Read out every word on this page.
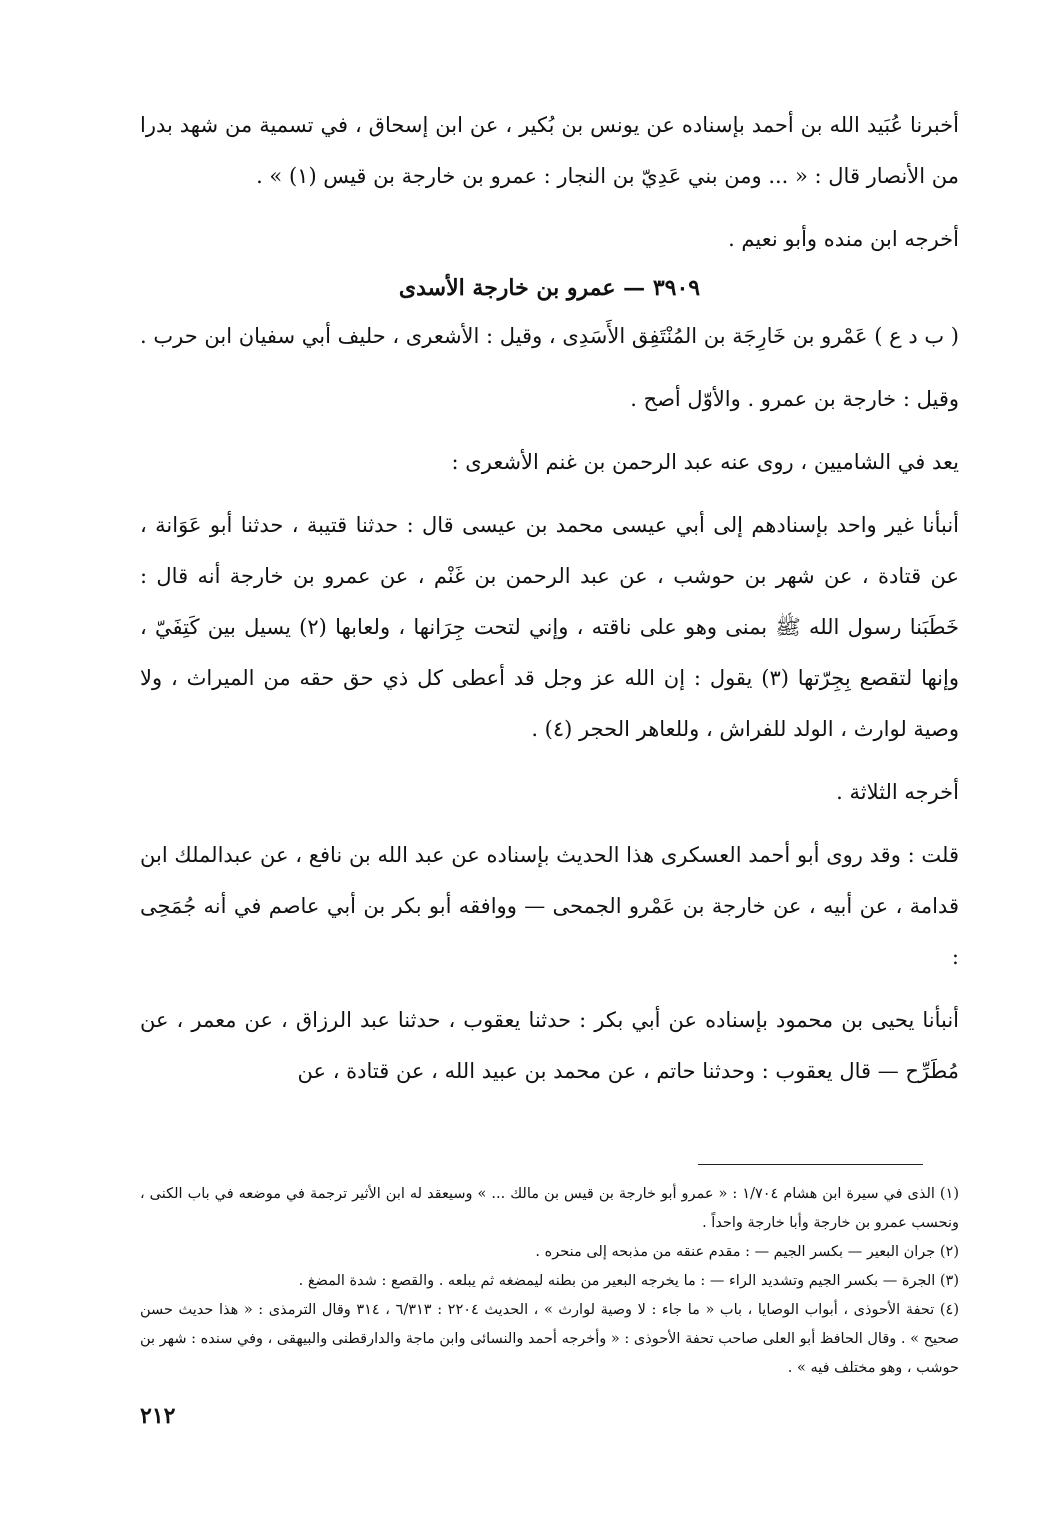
أخبرنا عُبَيد الله بن أحمد بإسناده عن يونس بن بُكير ، عن ابن إسحاق ، في تسمية من شهد بدرا من الأنصار قال : « ... ومن بني عَدِيّ بن النجار : عمرو بن خارجة بن قيس (١) » .

أخرجه ابن منده وأبو نعيم .

٣٩٠٩ — عمرو بن خارجة الأسدى

( ب د ع ) عَمْرو بن خَارِجَة بن المُنْتَفِق الأَسَدِى ، وقيل : الأشعرى ، حليف أبي سفيان ابن حرب .

وقيل : خارجة بن عمرو . والأوّل أصح .

يعد في الشاميين ، روى عنه عبد الرحمن بن غنم الأشعرى :

أنبأنا غير واحد بإسنادهم إلى أبي عيسى محمد بن عيسى قال : حدثنا قتيبة ، حدثنا أبو عَوَانة ، عن قتادة ، عن شهر بن حوشب ، عن عبد الرحمن بن غَنْم ، عن عمرو بن خارجة أنه قال : خَطَبَنا رسول الله ﷺ بمنى وهو على ناقته ، وإني لتحت جِرَانها ، ولعابها (٢) يسيل بين كَتِفَيّ ، وإنها لتقصع بِجِرّتها (٣) يقول : إن الله عز وجل قد أعطى كل ذي حق حقه من الميراث ، ولا وصية لوارث ، الولد للفراش ، وللعاهر الحجر (٤) .

أخرجه الثلاثة .

قلت : وقد روى أبو أحمد العسكرى هذا الحديث بإسناده عن عبد الله بن نافع ، عن عبدالملك ابن قدامة ، عن أبيه ، عن خارجة بن عَمْرو الجمحى — ووافقه أبو بكر بن أبي عاصم في أنه جُمَحِى :

أنبأنا يحيى بن محمود بإسناده عن أبي بكر : حدثنا يعقوب ، حدثنا عبد الرزاق ، عن معمر ، عن مُطَرِّح — قال يعقوب : وحدثنا حاتم ، عن محمد بن عبيد الله ، عن قتادة ، عن

(١) الذى في سيرة ابن هشام ١/٧٠٤ : « عمرو أبو خارجة بن قيس بن مالك ... » وسيعقد له ابن الأثير ترجمة في موضعه في باب الكنى ، ونحسب عمرو بن خارجة وأبا خارجة واحداً .

(٢) جران البعير — بكسر الجيم — : مقدم عنقه من مذبحه إلى منحره .

(٣) الجرة — بكسر الجيم وتشديد الراء — : ما يخرجه البعير من بطنه ليمضغه ثم يبلعه . والقصع : شدة المضغ .

(٤) تحفة الأحوذى ، أبواب الوصايا ، باب « ما جاء : لا وصية لوارث » ، الحديث ٢٢٠٤ : ٦/٣١٣ ، ٣١٤ وقال الترمذى : « هذا حديث حسن صحيح » . وقال الحافظ أبو العلى صاحب تحفة الأحوذى : « وأخرجه أحمد والنسائى وابن ماجة والدارقطنى والبيهقى ، وفي سنده : شهر بن حوشب ، وهو مختلف فيه » .

٢١٢
